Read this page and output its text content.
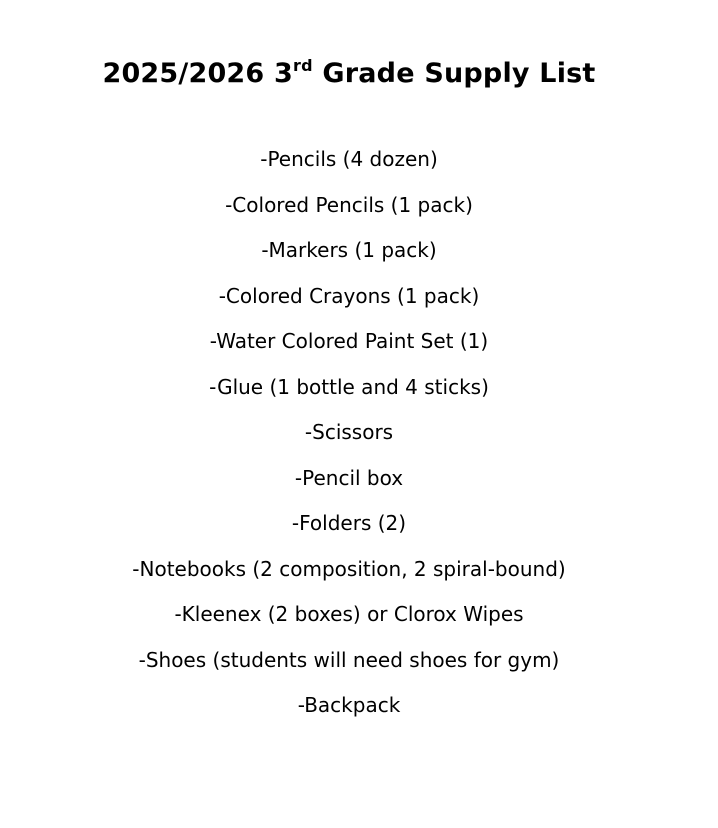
2025/2026 3rd Grade Supply List
-Pencils (4 dozen)
-Colored Pencils (1 pack)
-Markers (1 pack)
-Colored Crayons (1 pack)
-Water Colored Paint Set (1)
-Glue (1 bottle and 4 sticks)
-Scissors
-Pencil box
-Folders (2)
-Notebooks (2 composition, 2 spiral-bound)
-Kleenex (2 boxes) or Clorox Wipes
-Shoes (students will need shoes for gym)
-Backpack
